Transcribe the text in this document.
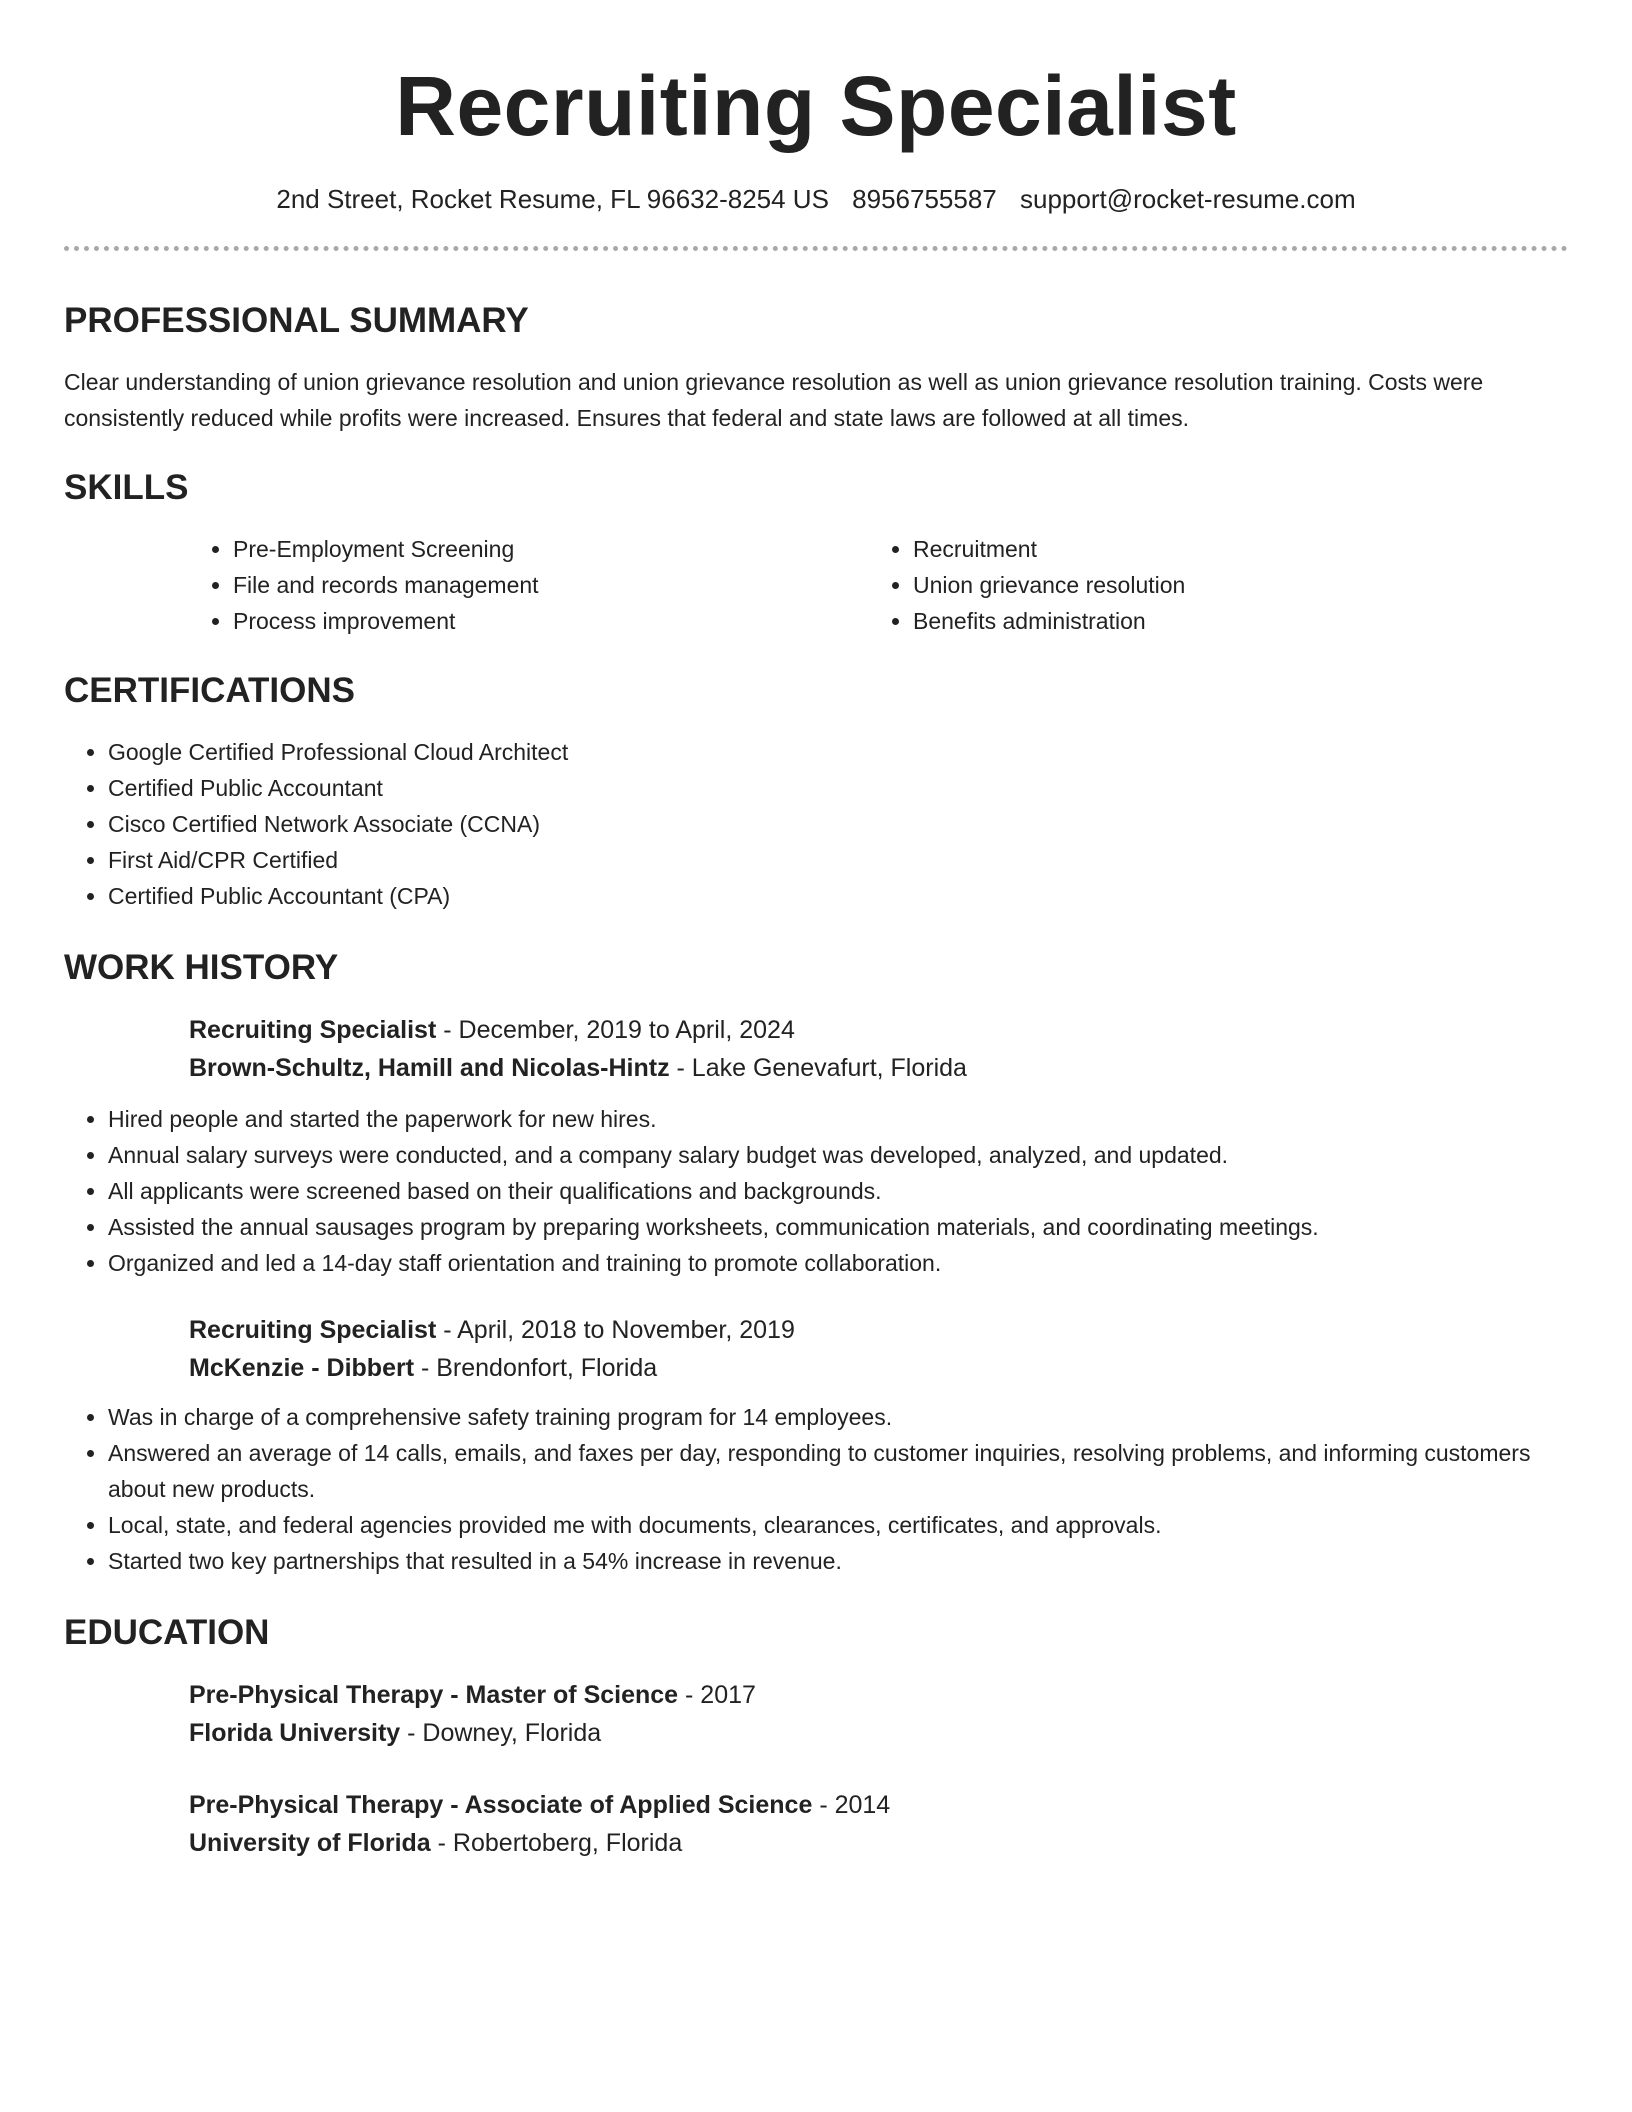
Recruiting Specialist
2nd Street, Rocket Resume, FL 96632-8254 US 8956755587 support@rocket-resume.com
PROFESSIONAL SUMMARY

Clear understanding of union grievance resolution and union grievance resolution as well as union grievance resolution training. Costs were consistently reduced while profits were increased. Ensures that federal and state laws are followed at all times.

SKILLS
• Pre-Employment Screening
• File and records management
• Process improvement
• Recruitment
• Union grievance resolution
• Benefits administration
CERTIFICATIONS
• Google Certified Professional Cloud Architect
• Certified Public Accountant
• Cisco Certified Network Associate (CCNA)
• First Aid/CPR Certified
• Certified Public Accountant (CPA)
WORK HISTORY

Recruiting Specialist - December, 2019 to April, 2024

Brown-Schultz, Hamill and Nicolas-Hintz - Lake Genevafurt, Florida

• Hired people and started the paperwork for new hires.
• Annual salary surveys were conducted, and a company salary budget was developed, analyzed, and updated.
• All applicants were screened based on their qualifications and backgrounds.
• Assisted the annual sausages program by preparing worksheets, communication materials, and coordinating meetings.
• Organized and led a 14-day staff orientation and training to promote collaboration.

Recruiting Specialist - April, 2018 to November, 2019

McKenzie - Dibbert - Brendonfort, Florida

• Was in charge of a comprehensive safety training program for 14 employees.
• Answered an average of 14 calls, emails, and faxes per day, responding to customer inquiries, resolving problems, and informing customers about new products.
• Local, state, and federal agencies provided me with documents, clearances, certificates, and approvals.
• Started two key partnerships that resulted in a 54% increase in revenue.
EDUCATION

Pre-Physical Therapy - Master of Science - 2017

Florida University - Downey, Florida

Pre-Physical Therapy - Associate of Applied Science - 2014

University of Florida - Robertoberg, Florida
